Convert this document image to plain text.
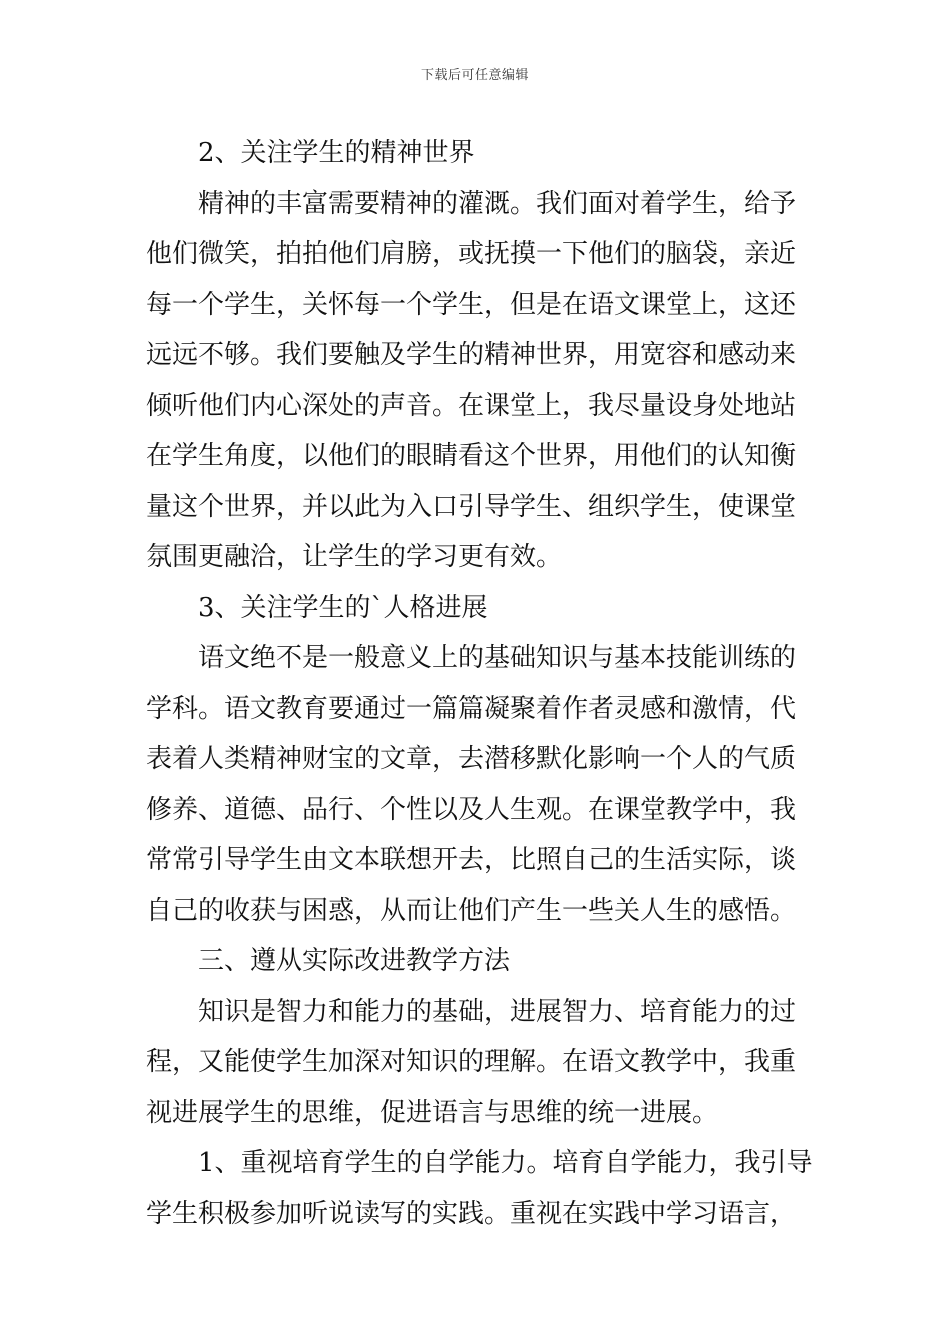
下载后可任意编辑
2、关注学生的精神世界
精神的丰富需要精神的灌溉。我们面对着学生，给予
他们微笑，拍拍他们肩膀，或抚摸一下他们的脑袋，亲近
每一个学生，关怀每一个学生，但是在语文课堂上，这还
远远不够。我们要触及学生的精神世界，用宽容和感动来
倾听他们内心深处的声音。在课堂上，我尽量设身处地站
在学生角度，以他们的眼睛看这个世界，用他们的认知衡
量这个世界，并以此为入口引导学生、组织学生，使课堂
氛围更融洽，让学生的学习更有效。
3、关注学生的`人格进展
语文绝不是一般意义上的基础知识与基本技能训练的
学科。语文教育要通过一篇篇凝聚着作者灵感和激情，代
表着人类精神财宝的文章，去潜移默化影响一个人的气质
修养、道德、品行、个性以及人生观。在课堂教学中，我
常常引导学生由文本联想开去，比照自己的生活实际，谈
自己的收获与困惑，从而让他们产生一些关人生的感悟。
三、遵从实际改进教学方法
知识是智力和能力的基础，进展智力、培育能力的过
程，又能使学生加深对知识的理解。在语文教学中，我重
视进展学生的思维，促进语言与思维的统一进展。
1、重视培育学生的自学能力。培育自学能力，我引导
学生积极参加听说读写的实践。重视在实践中学习语言，
